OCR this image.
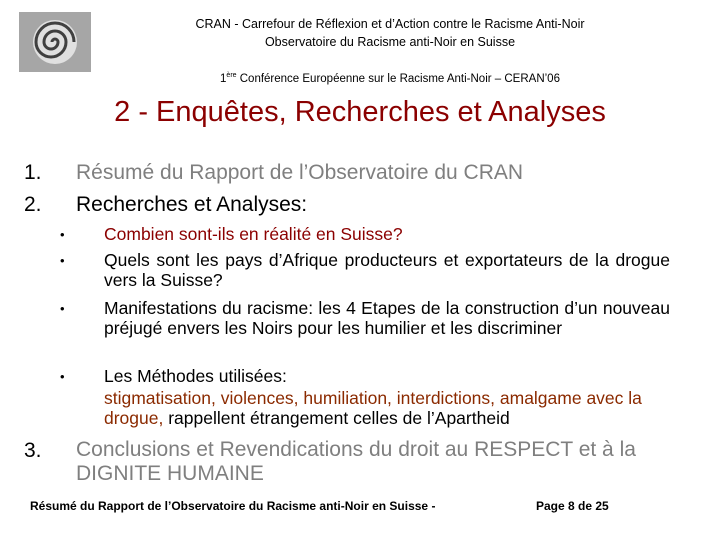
CRAN - Carrefour de Réflexion et d’Action contre le Racisme Anti-Noir
Observatoire du Racisme anti-Noir en Suisse
1ère Conférence Européenne sur le Racisme Anti-Noir – CERAN’06
2 - Enquêtes, Recherches et Analyses
1. Résumé du Rapport de l’Observatoire du CRAN
2. Recherches et Analyses:
• Combien sont-ils en réalité en Suisse?
• Quels sont les pays d’Afrique producteurs et exportateurs de la drogue vers la Suisse?
• Manifestations du racisme: les 4 Etapes de la construction d’un nouveau préjugé envers les Noirs pour les humilier et les discriminer
• Les Méthodes utilisées:
stigmatisation, violences, humiliation, interdictions, amalgame avec la drogue, rappellent étrangement celles de l’Apartheid
3. Conclusions et Revendications du droit au RESPECT et à la DIGNITE HUMAINE
Résumé du Rapport de l’Observatoire du Racisme anti-Noir en Suisse -	Page 8 de 25
